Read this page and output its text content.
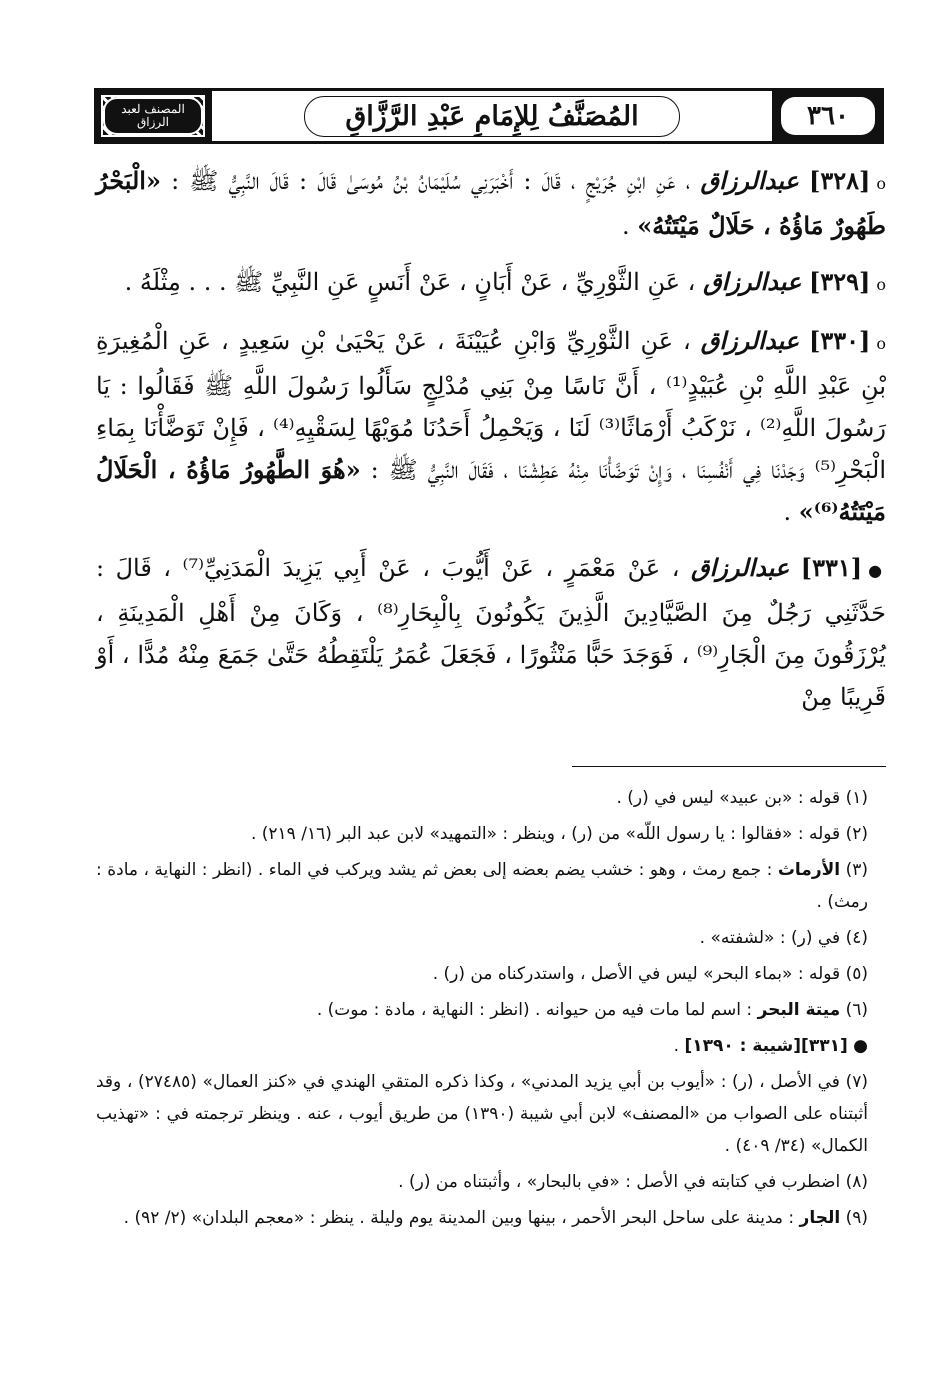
المصنف لعبد الرزاق	المُصَنَّفُ لِلإِمَامِ عَبْدِ الرَّزَّاقِ	٣٦٠

o[٣٢٨] عبدالرزاق ، عَنِ ابْنِ جُرَيْجٍ ، قَالَ : أَخْبَرَنِي سُلَيْمَانُ بْنُ مُوسَىٰ قَالَ : قَالَ النَّبِيُّ ﷺ : «الْبَحْرُ طَهُورٌ مَاؤُهُ ، حَلَالٌ مَيْتَتُهُ» .

o[٣٢٩] عبدالرزاق ، عَنِ الثَّوْرِيِّ ، عَنْ أَبَانٍ ، عَنْ أَنَسٍ عَنِ النَّبِيِّ ﷺ . . . مِثْلَهُ .

o[٣٣٠] عبدالرزاق ، عَنِ الثَّوْرِيِّ وَابْنِ عُيَيْنَةَ ، عَنْ يَحْيَىٰ بْنِ سَعِيدٍ ، عَنِ الْمُغِيرَةِ بْنِ عَبْدِ اللَّهِ بْنِ عُبَيْدٍ⁽¹⁾ ، أَنَّ نَاسًا مِنْ بَنِي مُدْلِجٍ سَأَلُوا رَسُولَ اللَّهِ ﷺ فَقَالُوا : يَا رَسُولَ اللَّهِ⁽²⁾ ، نَرْكَبُ أَرْمَاثًا⁽³⁾ لَنَا ، وَيَحْمِلُ أَحَدُنَا مُوَيْهًا لِسَقْيِهِ⁽⁴⁾ ، فَإِنْ تَوَضَّأْنَا بِمَاءِ الْبَحْرِ⁽⁵⁾ وَجَدْنَا فِي أَنْفُسِنَا ، وَإِنْ تَوَضَّأْنَا مِنْهُ عَطِشْنَا ، فَقَالَ النَّبِيُّ ﷺ : «هُوَ الطَّهُورُ مَاؤُهُ ، الْحَلَالُ مَيْتَتُهُ⁽⁶⁾» .

●[٣٣١] عبدالرزاق ، عَنْ مَعْمَرٍ ، عَنْ أَيُّوبَ ، عَنْ أَبِي يَزِيدَ الْمَدَنِيِّ⁽⁷⁾ ، قَالَ : حَدَّثَنِي رَجُلٌ مِنَ الصَّيَّادِينَ الَّذِينَ يَكُونُونَ بِالْبِحَارِ⁽⁸⁾ ، وَكَانَ مِنْ أَهْلِ الْمَدِينَةِ ، يُرْزَقُونَ مِنَ الْجَارِ⁽⁹⁾ ، فَوَجَدَ حَبًّا مَنْثُورًا ، فَجَعَلَ عُمَرُ يَلْتَقِطُهُ حَتَّىٰ جَمَعَ مِنْهُ مُدًّا ، أَوْ قَرِيبًا مِنْ

(١) قوله : «بن عبيد» ليس في (ر) .

(٢) قوله : «فقالوا : يا رسول اللّه» من (ر) ، وينظر : «التمهيد» لابن عبد البر (١٦/ ٢١٩) .

(٣) الأرماث : جمع رمث ، وهو : خشب يضم بعضه إلى بعض ثم يشد ويركب في الماء . (انظر : النهاية ، مادة : رمث) .

(٤) في (ر) : «لشفته» .

(٥) قوله : «بماء البحر» ليس في الأصل ، واستدركناه من (ر) .

(٦) ميتة البحر : اسم لما مات فيه من حيوانه . (انظر : النهاية ، مادة : موت) .

● [٣٣١][شيبة : ١٣٩٠] .

(٧) في الأصل ، (ر) : «أيوب بن أبي يزيد المدني» ، وكذا ذكره المتقي الهندي في «كنز العمال» (٢٧٤٨٥) ، وقد أثبتناه على الصواب من «المصنف» لابن أبي شيبة (١٣٩٠) من طريق أيوب ، عنه . وينظر ترجمته في : «تهذيب الكمال» (٣٤/ ٤٠٩) .

(٨) اضطرب في كتابته في الأصل : «في بالبحار» ، وأثبتناه من (ر) .

(٩) الجار : مدينة على ساحل البحر الأحمر ، بينها وبين المدينة يوم وليلة . ينظر : «معجم البلدان» (٢/ ٩٢) .
